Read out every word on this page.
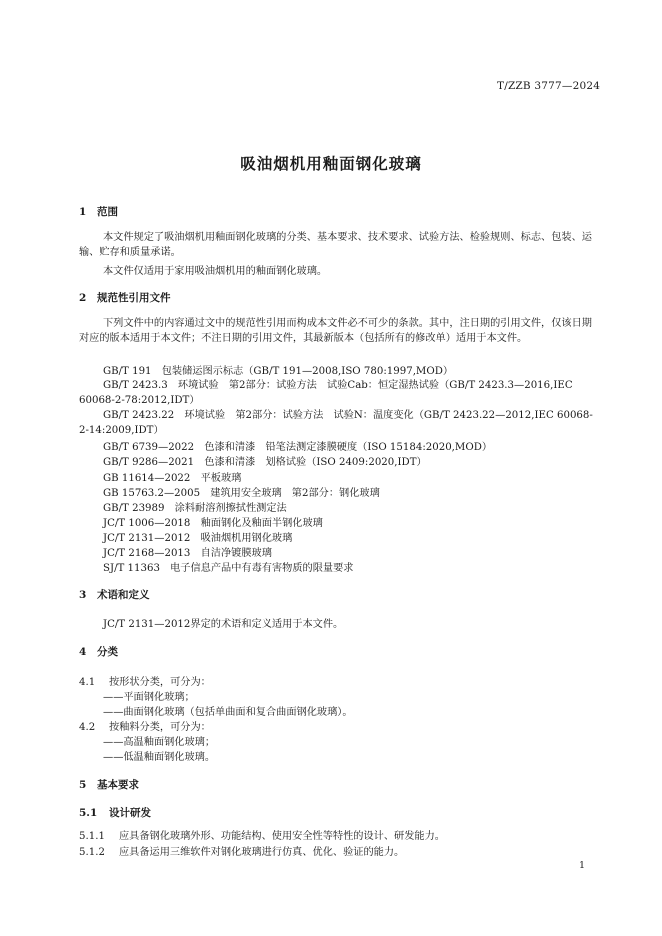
T/ZZB 3777—2024
吸油烟机用釉面钢化玻璃
1 范围
本文件规定了吸油烟机用釉面钢化玻璃的分类、基本要求、技术要求、试验方法、检验规则、标志、包装、运输、贮存和质量承诺。
本文件仅适用于家用吸油烟机用的釉面钢化玻璃。
2 规范性引用文件
下列文件中的内容通过文中的规范性引用而构成本文件必不可少的条款。其中，注日期的引用文件，仅该日期对应的版本适用于本文件；不注日期的引用文件，其最新版本（包括所有的修改单）适用于本文件。
GB/T 191　包装储运图示标志（GB/T 191—2008,ISO 780:1997,MOD）
GB/T 2423.3　环境试验　第2部分：试验方法　试验Cab：恒定湿热试验（GB/T 2423.3—2016,IEC 60068-2-78:2012,IDT）
GB/T 2423.22　环境试验　第2部分：试验方法　试验N：温度变化（GB/T 2423.22—2012,IEC 60068-2-14:2009,IDT）
GB/T 6739—2022　色漆和清漆　铅笔法测定漆膜硬度（ISO 15184:2020,MOD）
GB/T 9286—2021　色漆和清漆　划格试验（ISO 2409:2020,IDT）
GB 11614—2022　平板玻璃
GB 15763.2—2005　建筑用安全玻璃　第2部分：钢化玻璃
GB/T 23989　涂料耐溶剂擦拭性测定法
JC/T 1006—2018　釉面钢化及釉面半钢化玻璃
JC/T 2131—2012　吸油烟机用钢化玻璃
JC/T 2168—2013　自洁净镀膜玻璃
SJ/T 11363　电子信息产品中有毒有害物质的限量要求
3 术语和定义
JC/T 2131—2012界定的术语和定义适用于本文件。
4 分类
4.1 按形状分类，可分为：
——平面钢化玻璃；
——曲面钢化玻璃（包括单曲面和复合曲面钢化玻璃）。
4.2 按釉料分类，可分为：
——高温釉面钢化玻璃；
——低温釉面钢化玻璃。
5 基本要求
5.1 设计研发
5.1.1 应具备钢化玻璃外形、功能结构、使用安全性等特性的设计、研发能力。
5.1.2 应具备运用三维软件对钢化玻璃进行仿真、优化、验证的能力。
1
